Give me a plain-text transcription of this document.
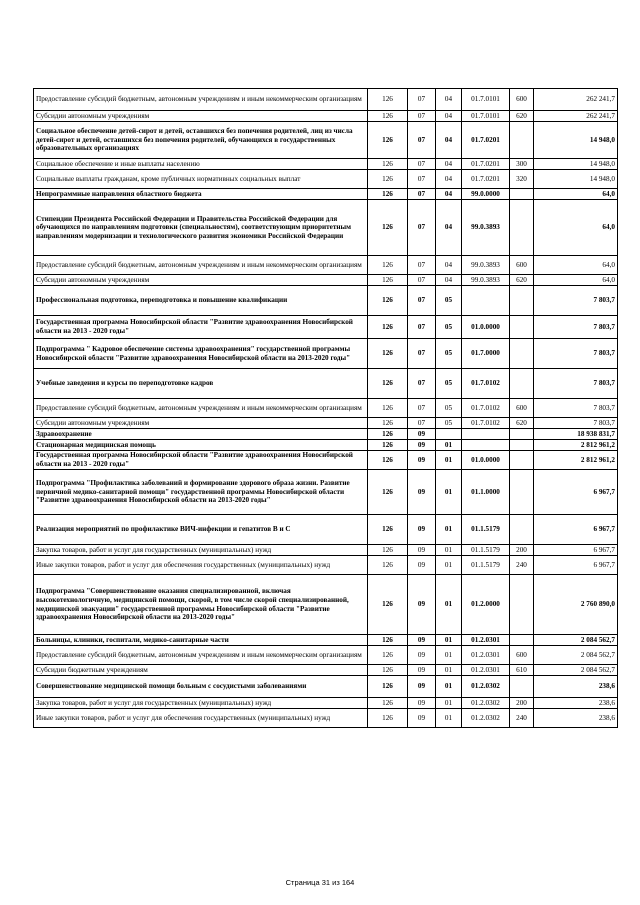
Предоставление субсидий бюджетным, автономным учреждениям и иным некоммерческим организациям	126	07	04	01.7.0101	600	262 241,7
Субсидии автономным учреждениям	126	07	04	01.7.0101	620	262 241,7
Социальное обеспечение детей-сирот и детей, оставшихся без попечения родителей, лиц из числа детей-сирот и детей, оставшихся без попечения родителей, обучающихся в государственных образовательных организациях	126	07	04	01.7.0201		14 948,0
Социальное обеспечение и иные выплаты населению	126	07	04	01.7.0201	300	14 948,0
Социальные выплаты гражданам, кроме публичных нормативных социальных выплат	126	07	04	01.7.0201	320	14 948,0
Непрограммные направления областного бюджета	126	07	04	99.0.0000		64,0
Стипендии Президента Российской Федерации и Правительства Российской Федерации для обучающихся по направлениям подготовки (специальностям), соответствующим приоритетным направлениям модернизации и технологического развития экономики Российской Федерации	126	07	04	99.0.3893		64,0
Предоставление субсидий бюджетным, автономным учреждениям и иным некоммерческим организациям	126	07	04	99.0.3893	600	64,0
Субсидии автономным учреждениям	126	07	04	99.0.3893	620	64,0
Профессиональная подготовка, переподготовка и повышение квалификации	126	07	05			7 803,7
Государственная программа Новосибирской области "Развитие здравоохранения Новосибирской области на 2013 - 2020 годы"	126	07	05	01.0.0000		7 803,7
Подпрограмма " Кадровое обеспечение системы здравоохранения" государственной программы Новосибирской области "Развитие здравоохранения Новосибирской области на 2013-2020 годы"	126	07	05	01.7.0000		7 803,7
Учебные заведения и курсы по переподготовке кадров	126	07	05	01.7.0102		7 803,7
Предоставление субсидий бюджетным, автономным учреждениям и иным некоммерческим организациям	126	07	05	01.7.0102	600	7 803,7
Субсидии автономным учреждениям	126	07	05	01.7.0102	620	7 803,7
Здравоохранение	126	09				18 938 831,7
Стационарная медицинская помощь	126	09	01			2 812 961,2
Государственная программа Новосибирской области "Развитие здравоохранения Новосибирской области на 2013 - 2020 годы"	126	09	01	01.0.0000		2 812 961,2
Подпрограмма "Профилактика заболеваний и формирование здорового образа жизни. Развитие первичной медико-санитарной помощи" государственной программы Новосибирской области "Развитие здравоохранения Новосибирской области на 2013-2020 годы"	126	09	01	01.1.0000		6 967,7
Реализация мероприятий по профилактике ВИЧ-инфекции и гепатитов В и С	126	09	01	01.1.5179		6 967,7
Закупка товаров, работ и услуг для государственных (муниципальных) нужд	126	09	01	01.1.5179	200	6 967,7
Иные закупки товаров, работ и услуг для обеспечения государственных (муниципальных) нужд	126	09	01	01.1.5179	240	6 967,7
Подпрограмма "Совершенствование оказания специализированной, включая высокотехнологичную, медицинской помощи, скорой, в том числе скорой специализированной, медицинской эвакуации" государственной программы Новосибирской области "Развитие здравоохранения Новосибирской области на 2013-2020 годы"	126	09	01	01.2.0000		2 760 890,0
Больницы, клиники, госпитали, медико-санитарные части	126	09	01	01.2.0301		2 084 562,7
Предоставление субсидий бюджетным, автономным учреждениям и иным некоммерческим организациям	126	09	01	01.2.0301	600	2 084 562,7
Субсидии бюджетным учреждениям	126	09	01	01.2.0301	610	2 084 562,7
Совершенствование медицинской помощи больным с сосудистыми заболеваниями	126	09	01	01.2.0302		238,6
Закупка товаров, работ и услуг для государственных (муниципальных) нужд	126	09	01	01.2.0302	200	238,6
Иные закупки товаров, работ и услуг для обеспечения государственных (муниципальных) нужд	126	09	01	01.2.0302	240	238,6
Страница 31 из 164
